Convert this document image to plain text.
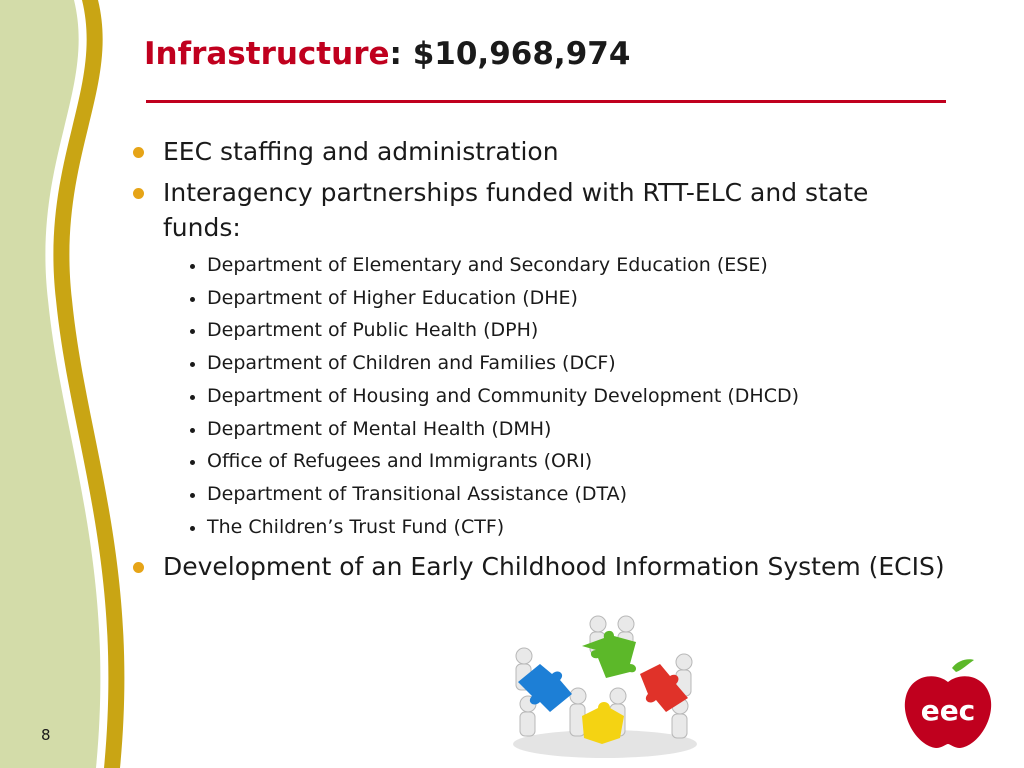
Infrastructure: $10,968,974
EEC staffing and administration
Interagency partnerships funded with RTT-ELC and state funds:
Department of Elementary and Secondary Education (ESE)
Department of Higher Education (DHE)
Department of Public Health (DPH)
Department of Children and Families (DCF)
Department of Housing and Community Development (DHCD)
Department of Mental Health (DMH)
Office of Refugees and Immigrants (ORI)
Department of Transitional Assistance (DTA)
The Children’s Trust Fund (CTF)
Development of an Early Childhood Information System (ECIS)
eec
8
